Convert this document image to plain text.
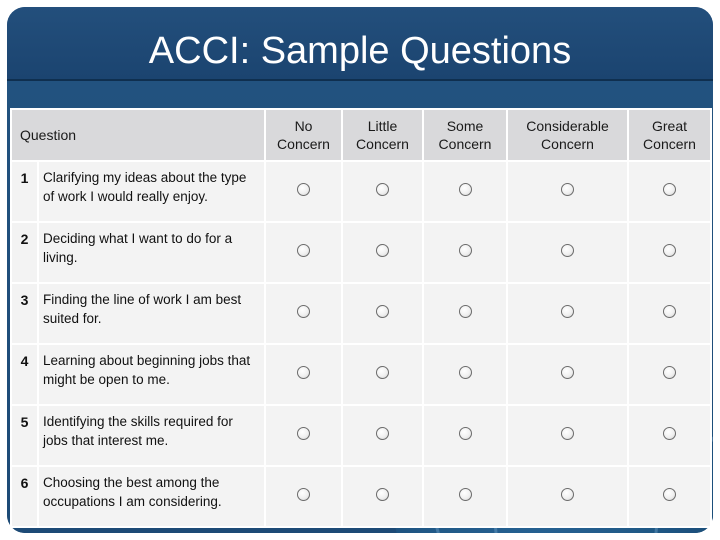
ACCI: Sample Questions
Question		No Concern	Little Concern	Some Concern	Considerable Concern	Great Concern
1	Clarifying my ideas about the type of work I would really enjoy.					
2	Deciding what I want to do for a living.					
3	Finding the line of work I am best suited for.					
4	Learning about beginning jobs that might be open to me.					
5	Identifying the skills required for jobs that interest me.					
6	Choosing the best among the occupations I am considering.					
